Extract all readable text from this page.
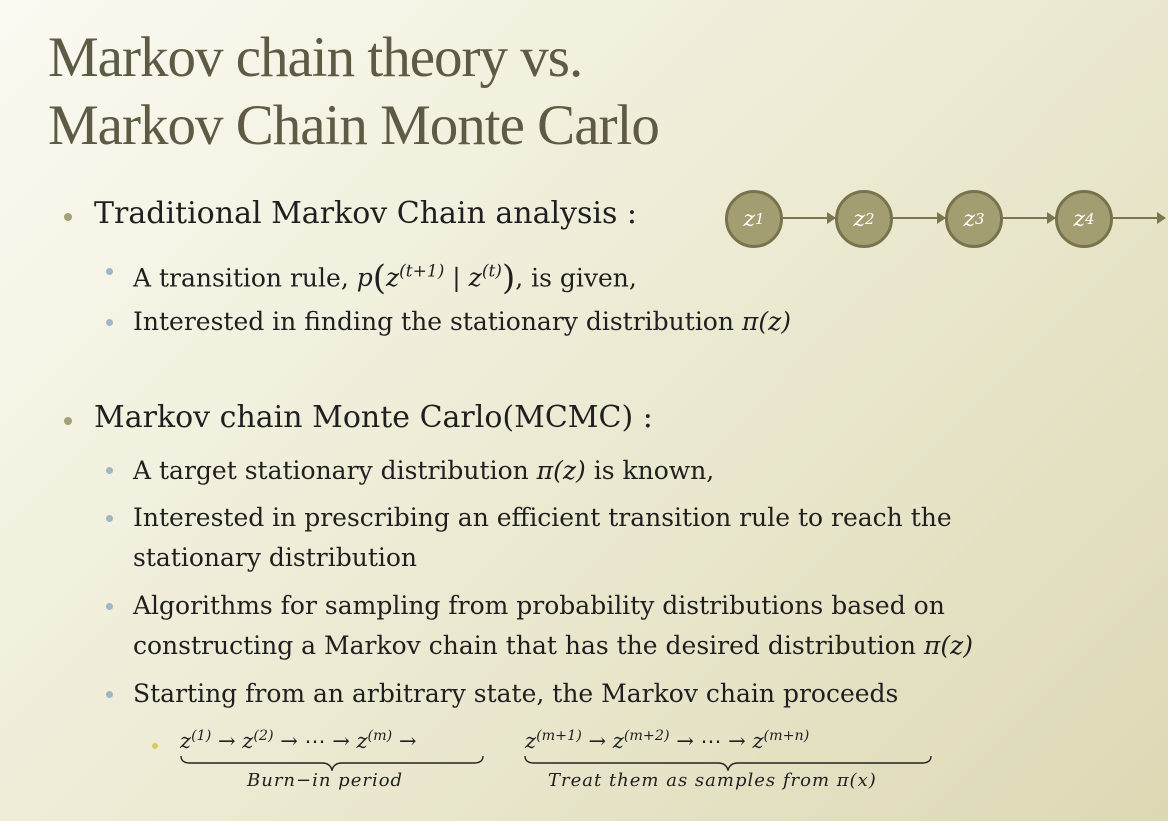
Markov chain theory vs.
Markov Chain Monte Carlo
Traditional Markov Chain analysis :
A transition rule, $p(z^{(t+1)}$ | $z^{(t)}$), is given,
Interested in finding the stationary distribution π(z)
z 1	z 2	z 3	z 4
Markov chain Monte Carlo(MCMC) :
A target stationary distribution π(z) is known,
Interested in prescribing an efficient transition rule to reach the
stationary distribution
Algorithms for sampling from probability distributions based on
constructing a Markov chain that has the desired distribution π(z)
Starting from an arbitrary state, the Markov chain proceeds
$z^{(1)} \to z^{(2)}$ → ⋯ → $z^{(m)}$ →	$z^{(m+1)} \to z^{(m+2)}$ → ⋯ → $z^{(m+n)}$
Burn−in period	Treat them as samples from π(x)
